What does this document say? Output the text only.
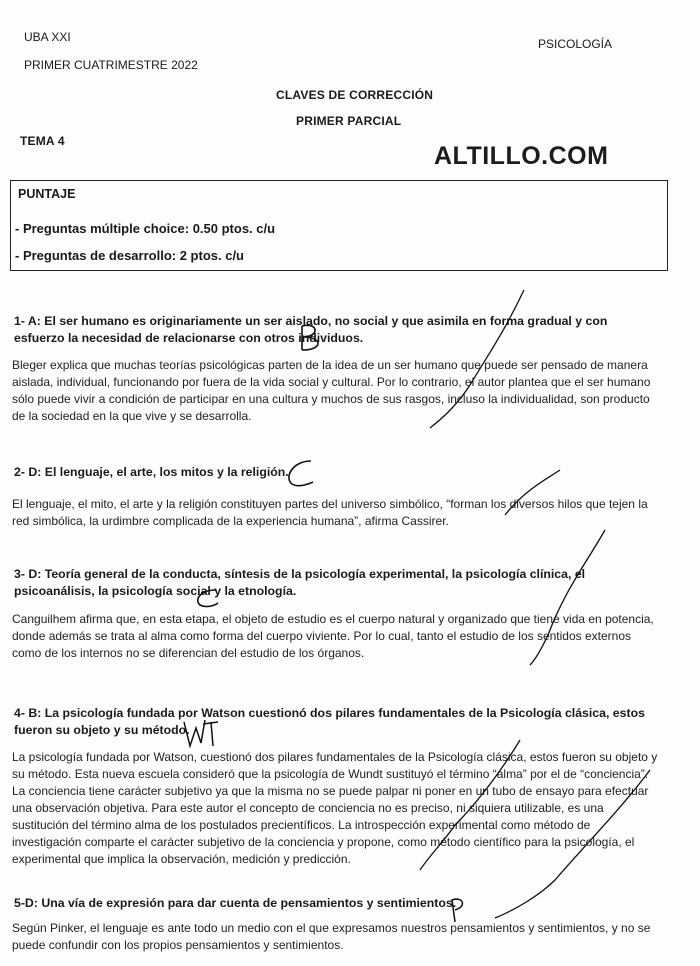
UBA XXI
PRIMER CUATRIMESTRE 2022
PSICOLOGÍA
CLAVES DE CORRECCIÓN
PRIMER PARCIAL
TEMA 4
ALTILLO.COM
PUNTAJE
- Preguntas múltiple choice: 0.50 ptos. c/u
- Preguntas de desarrollo: 2 ptos. c/u
1- A: El ser humano es originariamente un ser aislado, no social y que asimila en forma gradual y con esfuerzo la necesidad de relacionarse con otros individuos.
Bleger explica que muchas teorías psicológicas parten de la idea de un ser humano que puede ser pensado de manera aislada, individual, funcionando por fuera de la vida social y cultural. Por lo contrario, el autor plantea que el ser humano sólo puede vivir a condición de participar en una cultura y muchos de sus rasgos, incluso la individualidad, son producto de la sociedad en la que vive y se desarrolla.
2- D: El lenguaje, el arte, los mitos y la religión.
El lenguaje, el mito, el arte y la religión constituyen partes del universo simbólico, “forman los diversos hilos que tejen la red simbólica, la urdimbre complicada de la experiencia humana”, afirma Cassirer.
3- D: Teoría general de la conducta, síntesis de la psicología experimental, la psicología clínica, el psicoanálisis, la psicología social y la etnología.
Canguilhem afirma que, en esta etapa, el objeto de estudio es el cuerpo natural y organizado que tiene vida en potencia, donde además se trata al alma como forma del cuerpo viviente. Por lo cual, tanto el estudio de los sentidos externos como de los internos no se diferencian del estudio de los órganos.
4- B: La psicología fundada por Watson cuestionó dos pilares fundamentales de la Psicología clásica, estos fueron su objeto y su método.
La psicología fundada por Watson, cuestionó dos pilares fundamentales de la Psicología clásica, estos fueron su objeto y su método. Esta nueva escuela consideró que la psicología de Wundt sustituyó el término “alma” por el de “conciencia”. La conciencia tiene carácter subjetivo ya que la misma no se puede palpar ni poner en un tubo de ensayo para efectuar una observación objetiva. Para este autor el concepto de conciencia no es preciso, ni siquiera utilizable, es una sustitución del término alma de los postulados precientíficos. La introspección experimental como método de investigación comparte el carácter subjetivo de la conciencia y propone, como método científico para la psicología, el experimental que implica la observación, medición y predicción.
5-D: Una vía de expresión para dar cuenta de pensamientos y sentimientos.
Según Pinker, el lenguaje es ante todo un medio con el que expresamos nuestros pensamientos y sentimientos, y no se puede confundir con los propios pensamientos y sentimientos.
